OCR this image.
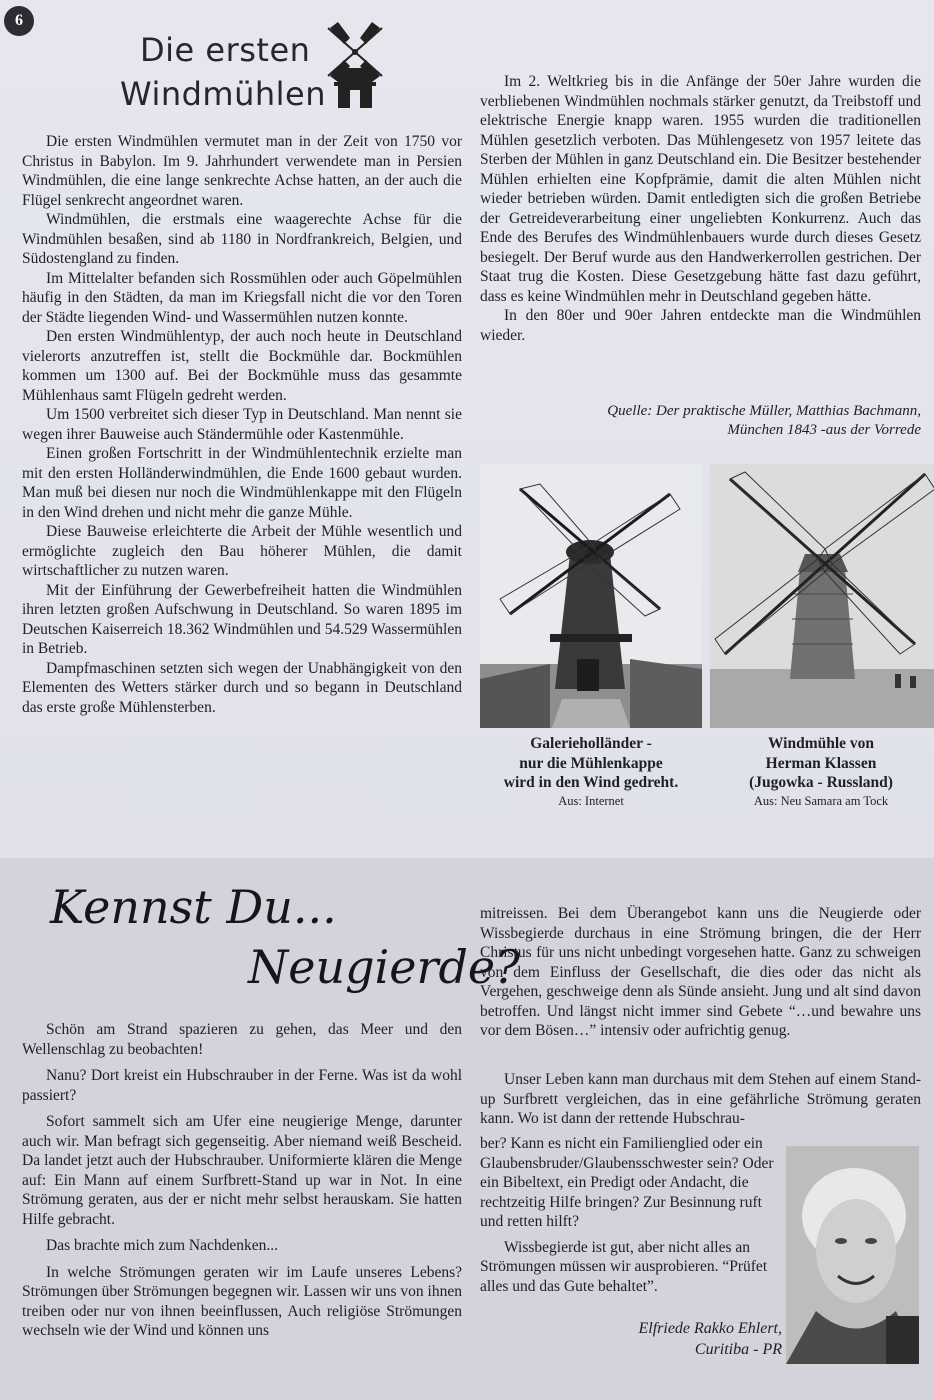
6
Die ersten
Windmühlen

Die ersten Windmühlen vermutet man in der Zeit von 1750 vor Christus in Babylon. Im 9. Jahrhundert verwendete man in Persien Windmühlen, die eine lange senkrechte Achse hatten, an der auch die Flügel senkrecht angeordnet waren.

Windmühlen, die erstmals eine waagerechte Achse für die Windmühlen besaßen, sind ab 1180 in Nordfrankreich, Belgien, und Südostengland zu finden.

Im Mittelalter befanden sich Rossmühlen oder auch Göpelmühlen häufig in den Städten, da man im Kriegsfall nicht die vor den Toren der Städte liegenden Wind- und Wassermühlen nutzen konnte.

Den ersten Windmühlentyp, der auch noch heute in Deutschland vielerorts anzutreffen ist, stellt die Bockmühle dar. Bockmühlen kommen um 1300 auf. Bei der Bockmühle muss das gesammte Mühlenhaus samt Flügeln gedreht werden.

Um 1500 verbreitet sich dieser Typ in Deutschland. Man nennt sie wegen ihrer Bauweise auch Ständermühle oder Kastenmühle.

Einen großen Fortschritt in der Windmühlentechnik erzielte man mit den ersten Holländerwindmühlen, die Ende 1600 gebaut wurden. Man muß bei diesen nur noch die Windmühlenkappe mit den Flügeln in den Wind drehen und nicht mehr die ganze Mühle.

Diese Bauweise erleichterte die Arbeit der Mühle wesentlich und ermöglichte zugleich den Bau höherer Mühlen, die damit wirtschaftlicher zu nutzen waren.

Mit der Einführung der Gewerbefreiheit hatten die Windmühlen ihren letzten großen Aufschwung in Deutschland. So waren 1895 im Deutschen Kaiserreich 18.362 Windmühlen und 54.529 Wassermühlen in Betrieb.

Dampfmaschinen setzten sich wegen der Unabhängigkeit von den Elementen des Wetters stärker durch und so begann in Deutschland das erste große Mühlensterben.

Im 2. Weltkrieg bis in die Anfänge der 50er Jahre wurden die verbliebenen Windmühlen nochmals stärker genutzt, da Treibstoff und elektrische Energie knapp waren. 1955 wurden die traditionellen Mühlen gesetzlich verboten. Das Mühlengesetz von 1957 leitete das Sterben der Mühlen in ganz Deutschland ein. Die Besitzer bestehender Mühlen erhielten eine Kopfprämie, damit die alten Mühlen nicht wieder betrieben würden. Damit entledigten sich die großen Betriebe der Getreideverarbeitung einer ungeliebten Konkurrenz. Auch das Ende des Berufes des Windmühlenbauers wurde durch dieses Gesetz besiegelt. Der Beruf wurde aus den Handwerkerrollen gestrichen. Der Staat trug die Kosten. Diese Gesetzgebung hätte fast dazu geführt, dass es keine Windmühlen mehr in Deutschland gegeben hätte.

In den 80er und 90er Jahren entdeckte man die Windmühlen wieder.

Quelle: Der praktische Müller, Matthias Bachmann,
München 1843 -aus der Vorrede
Galerieholländer -
nur die Mühlenkappe
wird in den Wind gedreht.
Aus: Internet
Windmühle von
Herman Klassen
(Jugowka - Russland)
Aus: Neu Samara am Tock
Kennst Du...
Neugierde?

Schön am Strand spazieren zu gehen, das Meer und den Wellenschlag zu beobachten!

Nanu? Dort kreist ein Hubschrauber in der Ferne. Was ist da wohl passiert?

Sofort sammelt sich am Ufer eine neugierige Menge, darunter auch wir. Man befragt sich gegenseitig. Aber niemand weiß Bescheid. Da landet jetzt auch der Hubschrauber. Uniformierte klären die Menge auf: Ein Mann auf einem Surfbrett-Stand up war in Not. In eine Strömung geraten, aus der er nicht mehr selbst herauskam. Sie hatten Hilfe gebracht.

Das brachte mich zum Nachdenken...

In welche Strömungen geraten wir im Laufe unseres Lebens? Strömungen über Strömungen begegnen wir. Lassen wir uns von ihnen treiben oder nur von ihnen beeinflussen, Auch religiöse Strömungen wechseln wie der Wind und können uns

mitreissen. Bei dem Überangebot kann uns die Neugierde oder Wissbegierde durchaus in eine Strömung bringen, die der Herr Christus für uns nicht unbedingt vorgesehen hatte. Ganz zu schweigen von dem Einfluss der Gesellschaft, die dies oder das nicht als Vergehen, geschweige denn als Sünde ansieht. Jung und alt sind davon betroffen. Und längst nicht immer sind Gebete “…und bewahre uns vor dem Bösen…” intensiv oder aufrichtig genug.

Unser Leben kann man durchaus mit dem Stehen auf einem Stand-up Surfbrett vergleichen, das in eine gefährliche Strömung geraten kann. Wo ist dann der rettende Hubschrau-

ber? Kann es nicht ein Familienglied oder ein Glaubensbruder/Glaubensschwester sein? Oder ein Bibeltext, ein Predigt oder Andacht, die rechtzeitig Hilfe bringen? Zur Besinnung ruft und retten hilft?

Wissbegierde ist gut, aber nicht alles an Strömungen müssen wir ausprobieren. “Prüfet alles und das Gute behaltet”.

Elfriede Rakko Ehlert,
Curitiba - PR
